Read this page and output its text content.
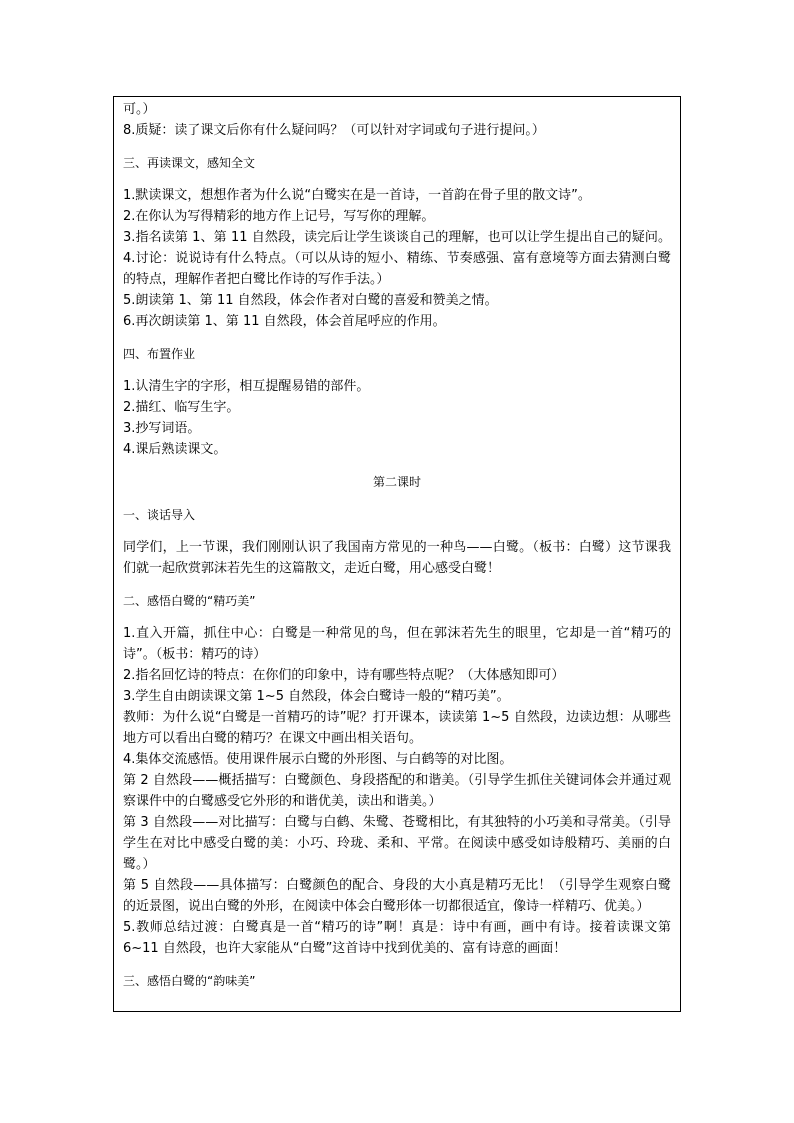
可。）

8.质疑：读了课文后你有什么疑问吗？（可以针对字词或句子进行提问。）

三、再读课文，感知全文

1.默读课文，想想作者为什么说“白鹭实在是一首诗，一首韵在骨子里的散文诗”。

2.在你认为写得精彩的地方作上记号，写写你的理解。

3.指名读第 1、第 11 自然段，读完后让学生谈谈自己的理解，也可以让学生提出自己的疑问。4.讨论：说说诗有什么特点。（可以从诗的短小、精练、节奏感强、富有意境等方面去猜测白鹭的特点，理解作者把白鹭比作诗的写作手法。）

5.朗读第 1、第 11 自然段，体会作者对白鹭的喜爱和赞美之情。

6.再次朗读第 1、第 11 自然段，体会首尾呼应的作用。

四、布置作业

1.认清生字的字形，相互提醒易错的部件。

2.描红、临写生字。

3.抄写词语。

4.课后熟读课文。

第二课时
一、谈话导入

同学们，上一节课，我们刚刚认识了我国南方常见的一种鸟——白鹭。（板书：白鹭）这节课我们就一起欣赏郭沫若先生的这篇散文，走近白鹭，用心感受白鹭！

二、感悟白鹭的“精巧美”

1.直入开篇，抓住中心：白鹭是一种常见的鸟，但在郭沫若先生的眼里，它却是一首“精巧的诗”。（板书：精巧的诗）

2.指名回忆诗的特点：在你们的印象中，诗有哪些特点呢？（大体感知即可）

3.学生自由朗读课文第 1~5 自然段，体会白鹭诗一般的“精巧美”。

教师：为什么说“白鹭是一首精巧的诗”呢？打开课本，读读第 1~5 自然段，边读边想：从哪些地方可以看出白鹭的精巧？在课文中画出相关语句。

4.集体交流感悟。使用课件展示白鹭的外形图、与白鹤等的对比图。

第 2 自然段——概括描写：白鹭颜色、身段搭配的和谐美。（引导学生抓住关键词体会并通过观察课件中的白鹭感受它外形的和谐优美，读出和谐美。）

第 3 自然段——对比描写：白鹭与白鹤、朱鹭、苍鹭相比，有其独特的小巧美和寻常美。（引导学生在对比中感受白鹭的美：小巧、玲珑、柔和、平常。在阅读中感受如诗般精巧、美丽的白鹭。）

第 5 自然段——具体描写：白鹭颜色的配合、身段的大小真是精巧无比！（引导学生观察白鹭的近景图，说出白鹭的外形，在阅读中体会白鹭形体一切都很适宜，像诗一样精巧、优美。）

5.教师总结过渡：白鹭真是一首“精巧的诗”啊！真是：诗中有画，画中有诗。接着读课文第 6~11 自然段，也许大家能从“白鹭”这首诗中找到优美的、富有诗意的画面！

三、感悟白鹭的“韵味美”
